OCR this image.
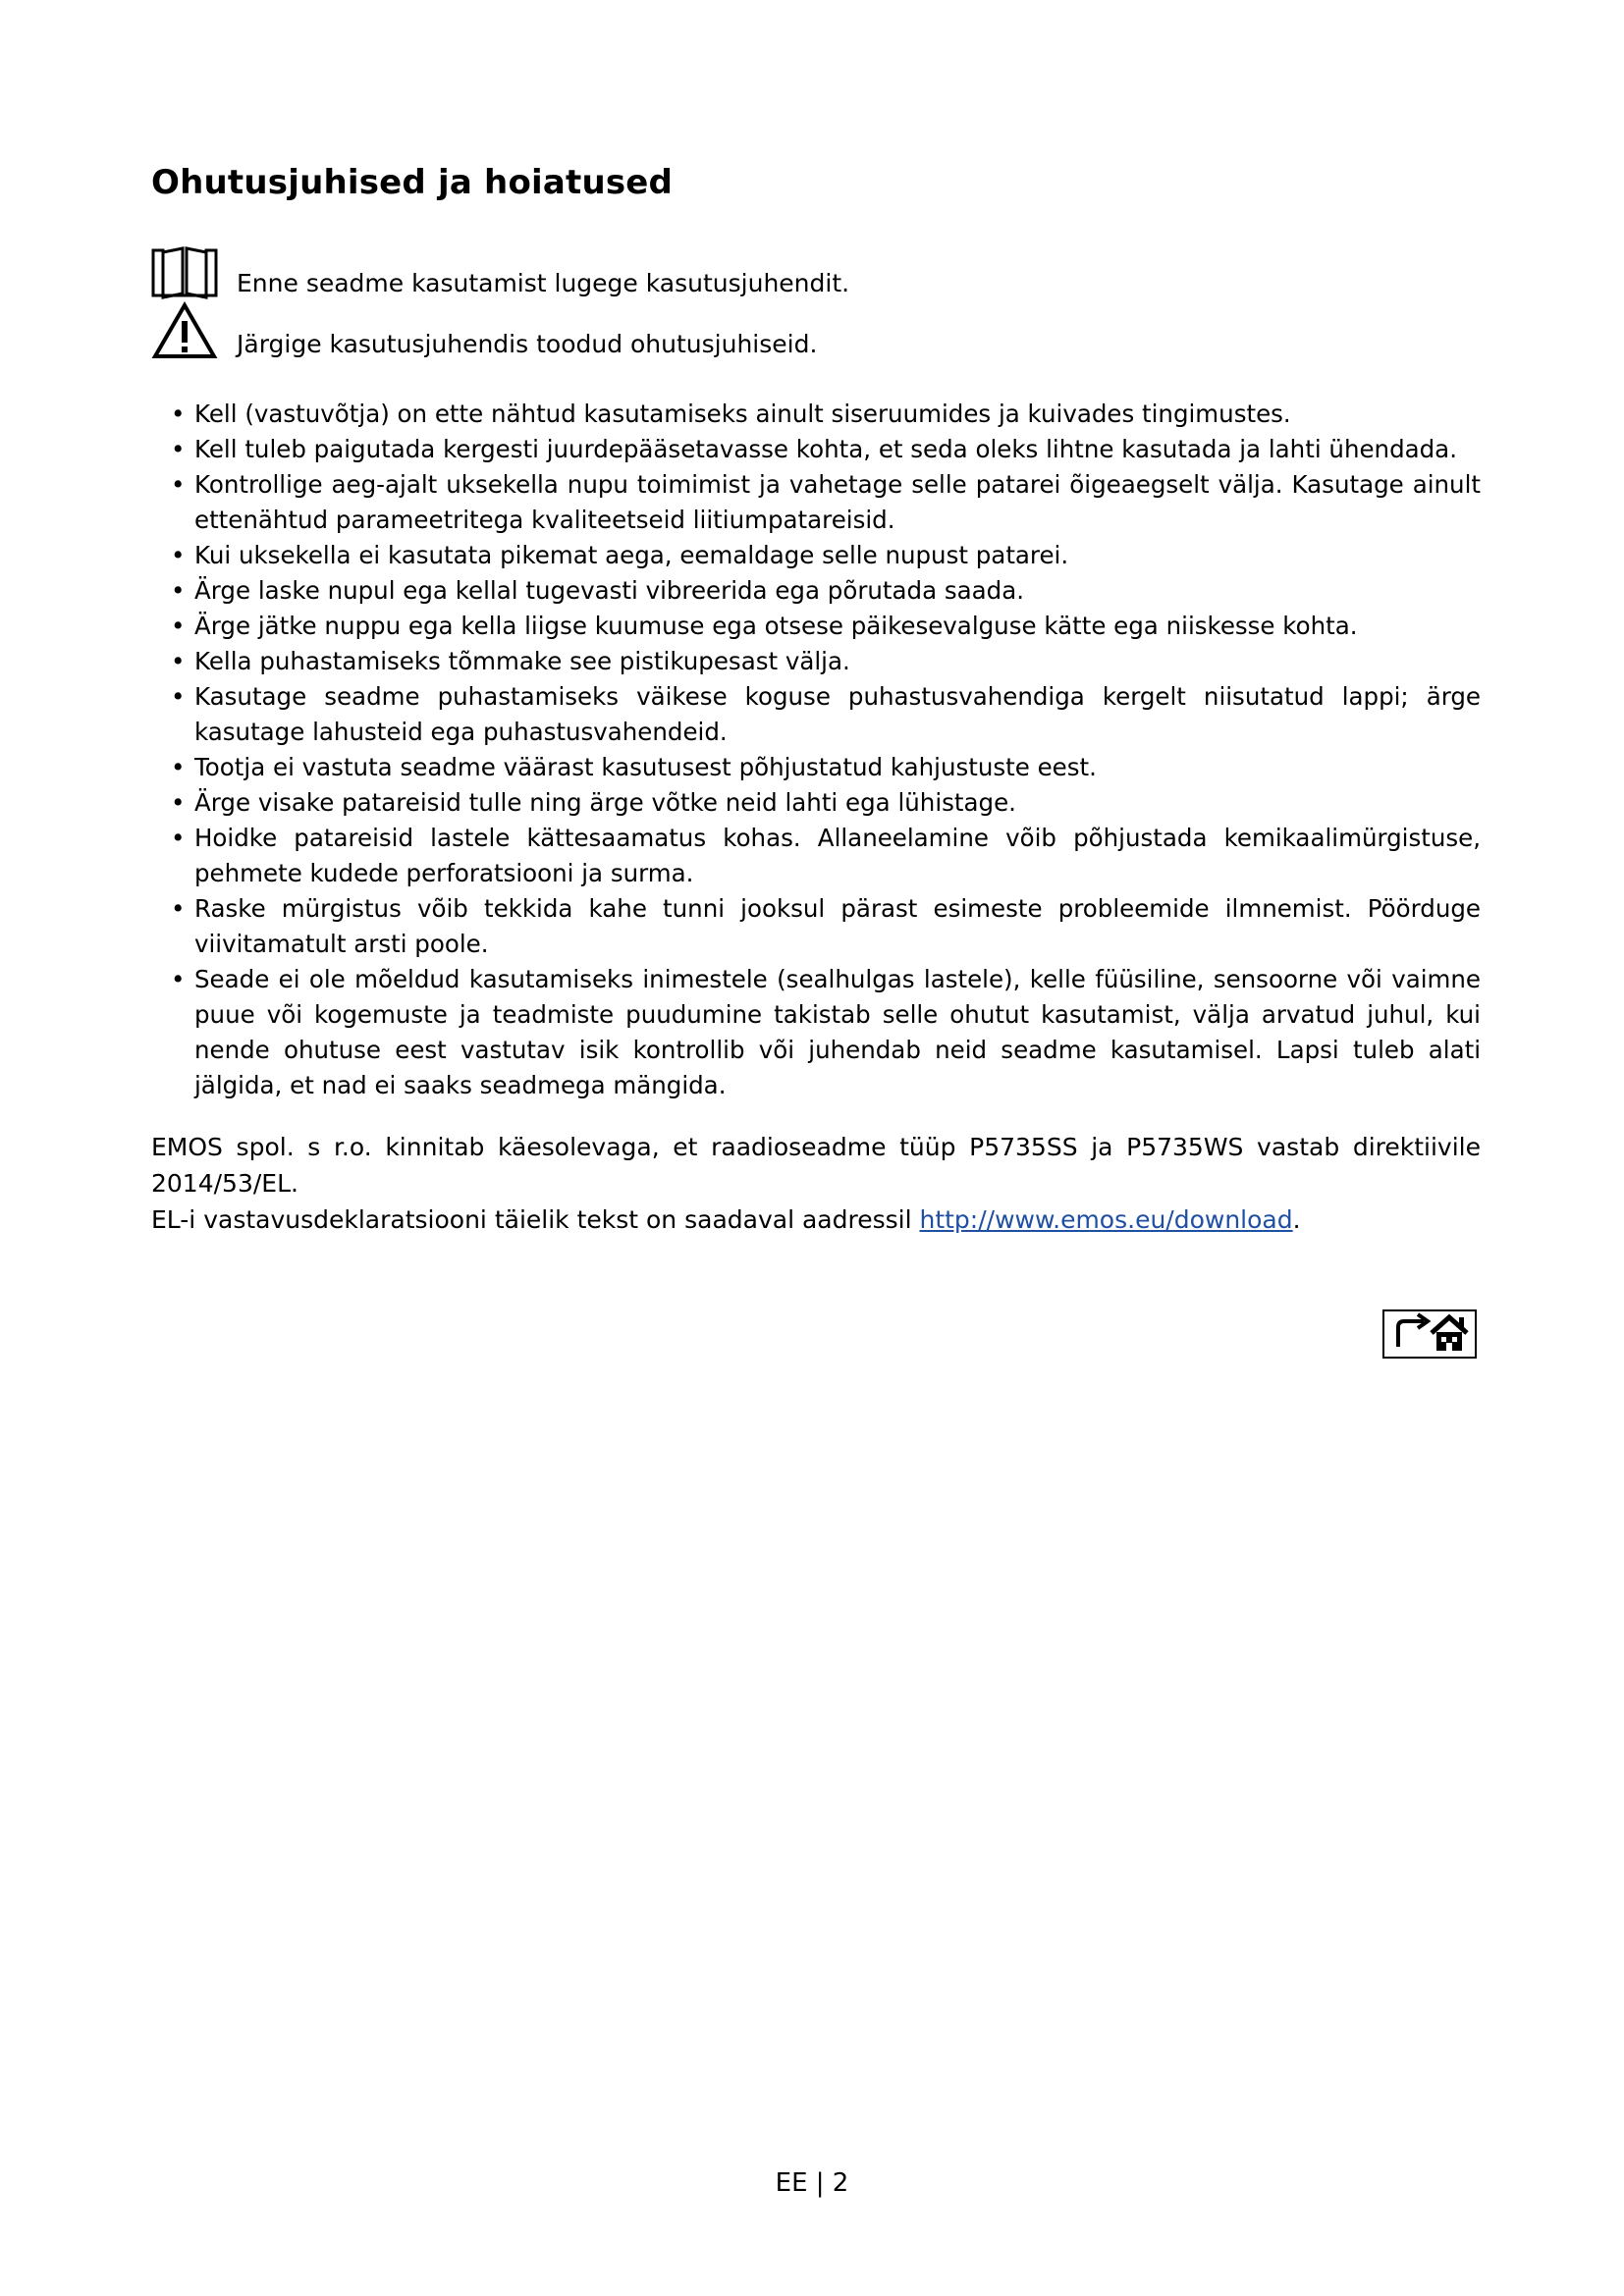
Ohutusjuhised ja hoiatused
Enne seadme kasutamist lugege kasutusjuhendit.
Järgige kasutusjuhendis toodud ohutusjuhiseid.
• Kell (vastuvõtja) on ette nähtud kasutamiseks ainult siseruumides ja kuivades tingimustes.
• Kell tuleb paigutada kergesti juurdepääsetavasse kohta, et seda oleks lihtne kasutada ja lahti ühendada.
• Kontrollige aeg-ajalt uksekella nupu toimimist ja vahetage selle patarei õigeaegselt välja. Kasutage ainult ettenähtud parameetritega kvaliteetseid liitiumpatareisid.
• Kui uksekella ei kasutata pikemat aega, eemaldage selle nupust patarei.
• Ärge laske nupul ega kellal tugevasti vibreerida ega põrutada saada.
• Ärge jätke nuppu ega kella liigse kuumuse ega otsese päikesevalguse kätte ega niiskesse kohta.
• Kella puhastamiseks tõmmake see pistikupesast välja.
• Kasutage seadme puhastamiseks väikese koguse puhastusvahendiga kergelt niisutatud lappi; ärge kasutage lahusteid ega puhastusvahendeid.
• Tootja ei vastuta seadme väärast kasutusest põhjustatud kahjustuste eest.
• Ärge visake patareisid tulle ning ärge võtke neid lahti ega lühistage.
• Hoidke patareisid lastele kättesaamatus kohas. Allaneelamine võib põhjustada kemikaalimürgistuse, pehmete kudede perforatsiooni ja surma.
• Raske mürgistus võib tekkida kahe tunni jooksul pärast esimeste probleemide ilmnemist. Pöörduge viivitamatult arsti poole.
• Seade ei ole mõeldud kasutamiseks inimestele (sealhulgas lastele), kelle füüsiline, sensoorne või vaimne puue või kogemuste ja teadmiste puudumine takistab selle ohutut kasutamist, välja arvatud juhul, kui nende ohutuse eest vastutav isik kontrollib või juhendab neid seadme kasutamisel. Lapsi tuleb alati jälgida, et nad ei saaks seadmega mängida.

EMOS spol. s r.o. kinnitab käesolevaga, et raadioseadme tüüp P5735SS ja P5735WS vastab direktiivile 2014/53/EL.

EL-i vastavusdeklaratsiooni täielik tekst on saadaval aadressil http://www.emos.eu/download.

EE | 2
